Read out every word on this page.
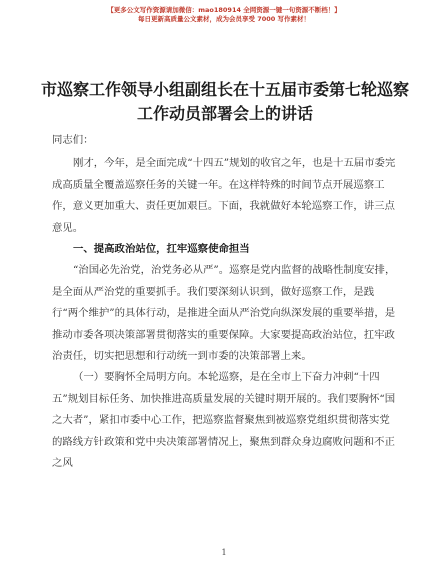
【更多公文写作资源请加微信：mao180914 全网资源一键一句资源不断档！】
每日更新高质量公文素材，成为会员享受 7000 写作素材！
市巡察工作领导小组副组长在十五届市委第七轮巡察工作动员部署会上的讲话

同志们：

刚才，今年，是全面完成“十四五”规划的收官之年，也是十五届市委完成高质量全覆盖巡察任务的关键一年。在这样特殊的时间节点开展巡察工作，意义更加重大、责任更加艰巨。下面，我就做好本轮巡察工作，讲三点意见。

一、提高政治站位，扛牢巡察使命担当

“治国必先治党，治党务必从严”。巡察是党内监督的战略性制度安排，是全面从严治党的重要抓手。我们要深刻认识到，做好巡察工作，是践行“两个维护”的具体行动，是推进全面从严治党向纵深发展的重要举措，是推动市委各项决策部署贯彻落实的重要保障。大家要提高政治站位，扛牢政治责任，切实把思想和行动统一到市委的决策部署上来。

（一）要胸怀全局明方向。本轮巡察，是在全市上下奋力冲刺“十四五”规划目标任务、加快推进高质量发展的关键时期开展的。我们要胸怀“国之大者”，紧扣市委中心工作，把巡察监督聚焦到被巡察党组织贯彻落实党的路线方针政策和党中央决策部署情况上，聚焦到群众身边腐败问题和不正之风

1
